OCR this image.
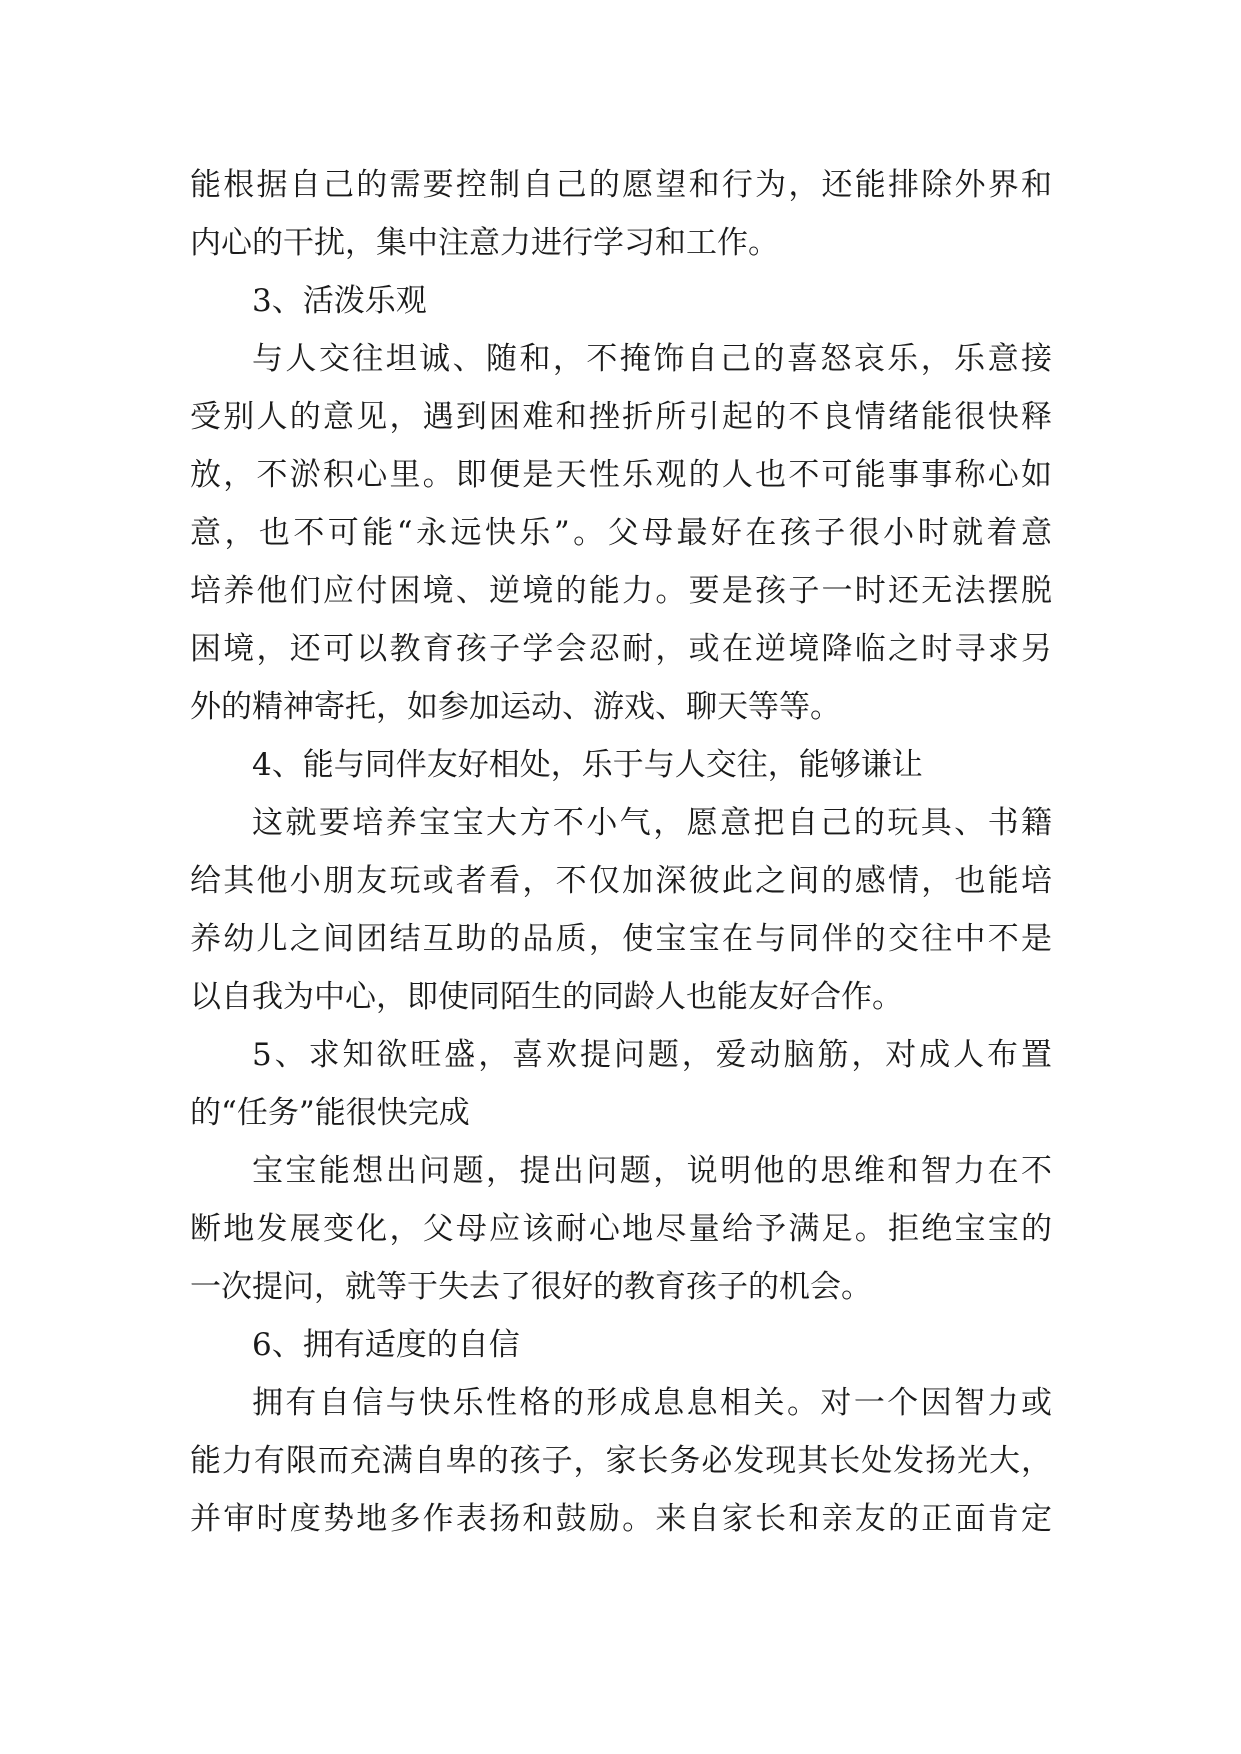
能根据自己的需要控制自己的愿望和行为，还能排除外界和
内心的干扰，集中注意力进行学习和工作。
3、活泼乐观
与人交往坦诚、随和，不掩饰自己的喜怒哀乐，乐意接
受别人的意见，遇到困难和挫折所引起的不良情绪能很快释
放，不淤积心里。即便是天性乐观的人也不可能事事称心如
意，也不可能“永远快乐”。父母最好在孩子很小时就着意
培养他们应付困境、逆境的能力。要是孩子一时还无法摆脱
困境，还可以教育孩子学会忍耐，或在逆境降临之时寻求另
外的精神寄托，如参加运动、游戏、聊天等等。
4、能与同伴友好相处，乐于与人交往，能够谦让
这就要培养宝宝大方不小气，愿意把自己的玩具、书籍
给其他小朋友玩或者看，不仅加深彼此之间的感情，也能培
养幼儿之间团结互助的品质，使宝宝在与同伴的交往中不是
以自我为中心，即使同陌生的同龄人也能友好合作。
5、求知欲旺盛，喜欢提问题，爱动脑筋，对成人布置
的“任务”能很快完成
宝宝能想出问题，提出问题，说明他的思维和智力在不
断地发展变化，父母应该耐心地尽量给予满足。拒绝宝宝的
一次提问，就等于失去了很好的教育孩子的机会。
6、拥有适度的自信
拥有自信与快乐性格的形成息息相关。对一个因智力或
能力有限而充满自卑的孩子，家长务必发现其长处发扬光大，
并审时度势地多作表扬和鼓励。来自家长和亲友的正面肯定
